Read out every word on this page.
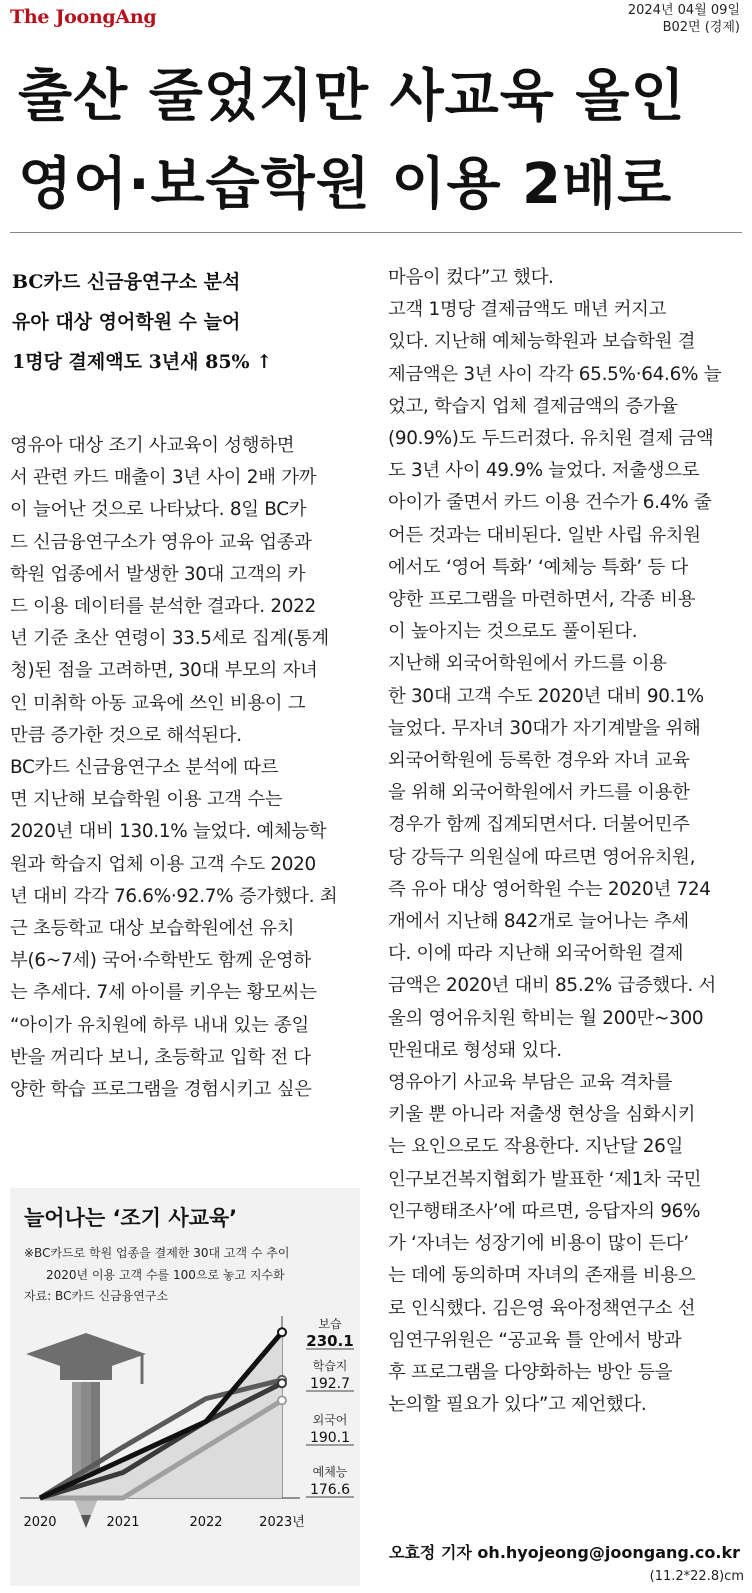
The JoongAng	2024년 04월 09일
B02면 (경제)
출산 줄었지만 사교육 올인
영어·보습학원 이용 2배로
BC카드 신금융연구소 분석
유아 대상 영어학원 수 늘어
1명당 결제액도 3년새 85% ↑
영유아 대상 조기 사교육이 성행하면
서 관련 카드 매출이 3년 사이 2배 가까
이 늘어난 것으로 나타났다. 8일 BC카
드 신금융연구소가 영유아 교육 업종과
학원 업종에서 발생한 30대 고객의 카
드 이용 데이터를 분석한 결과다. 2022
년 기준 초산 연령이 33.5세로 집계(통계
청)된 점을 고려하면, 30대 부모의 자녀
인 미취학 아동 교육에 쓰인 비용이 그
만큼 증가한 것으로 해석된다.
BC카드 신금융연구소 분석에 따르
면 지난해 보습학원 이용 고객 수는
2020년 대비 130.1% 늘었다. 예체능학
원과 학습지 업체 이용 고객 수도 2020
년 대비 각각 76.6%·92.7% 증가했다. 최
근 초등학교 대상 보습학원에선 유치
부(6~7세) 국어·수학반도 함께 운영하
는 추세다. 7세 아이를 키우는 황모씨는
“아이가 유치원에 하루 내내 있는 종일
반을 꺼리다 보니, 초등학교 입학 전 다
양한 학습 프로그램을 경험시키고 싶은
마음이 컸다”고 했다.
고객 1명당 결제금액도 매년 커지고
있다. 지난해 예체능학원과 보습학원 결
제금액은 3년 사이 각각 65.5%·64.6% 늘
었고, 학습지 업체 결제금액의 증가율
(90.9%)도 두드러졌다. 유치원 결제 금액
도 3년 사이 49.9% 늘었다. 저출생으로
아이가 줄면서 카드 이용 건수가 6.4% 줄
어든 것과는 대비된다. 일반 사립 유치원
에서도 ‘영어 특화’ ‘예체능 특화’ 등 다
양한 프로그램을 마련하면서, 각종 비용
이 높아지는 것으로도 풀이된다.
지난해 외국어학원에서 카드를 이용
한 30대 고객 수도 2020년 대비 90.1%
늘었다. 무자녀 30대가 자기계발을 위해
외국어학원에 등록한 경우와 자녀 교육
을 위해 외국어학원에서 카드를 이용한
경우가 함께 집계되면서다. 더불어민주
당 강득구 의원실에 따르면 영어유치원,
즉 유아 대상 영어학원 수는 2020년 724
개에서 지난해 842개로 늘어나는 추세
다. 이에 따라 지난해 외국어학원 결제
금액은 2020년 대비 85.2% 급증했다. 서
울의 영어유치원 학비는 월 200만~300
만원대로 형성돼 있다.
영유아기 사교육 부담은 교육 격차를
키울 뿐 아니라 저출생 현상을 심화시키
는 요인으로도 작용한다. 지난달 26일
인구보건복지협회가 발표한 ‘제1차 국민
인구행태조사’에 따르면, 응답자의 96%
가 ‘자녀는 성장기에 비용이 많이 든다’
는 데에 동의하며 자녀의 존재를 비용으
로 인식했다. 김은영 육아정책연구소 선
임연구위원은 “공교육 틀 안에서 방과
후 프로그램을 다양화하는 방안 등을
논의할 필요가 있다”고 제언했다.
늘어나는 ‘조기 사교육’
※BC카드로 학원 업종을 결제한 30대 고객 수 추이
2020년 이용 고객 수를 100으로 놓고 지수화
자료: BC카드 신금융연구소
2020	2021	2022	2023년
보습
230.1
학습지
192.7
외국어
190.1
예체능
176.6
오효정 기자 oh.hyojeong@joongang.co.kr
(11.2*22.8)cm
